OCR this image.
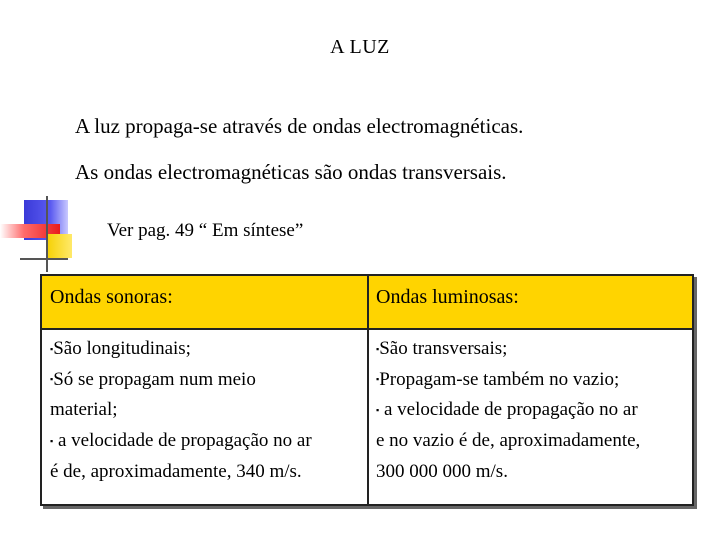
A LUZ
A luz propaga-se através de ondas electromagnéticas.
As ondas electromagnéticas são ondas transversais.
Ver pag. 49 “ Em síntese”
Ondas sonoras:	Ondas luminosas:
▪São longitudinais;
▪Só se propagam num meio
material;
▪ a velocidade de propagação no ar
é de, aproximadamente, 340 m/s.
▪São transversais;
▪Propagam-se também no vazio;
▪ a velocidade de propagação no ar
e no vazio é de, aproximadamente,
300 000 000 m/s.
